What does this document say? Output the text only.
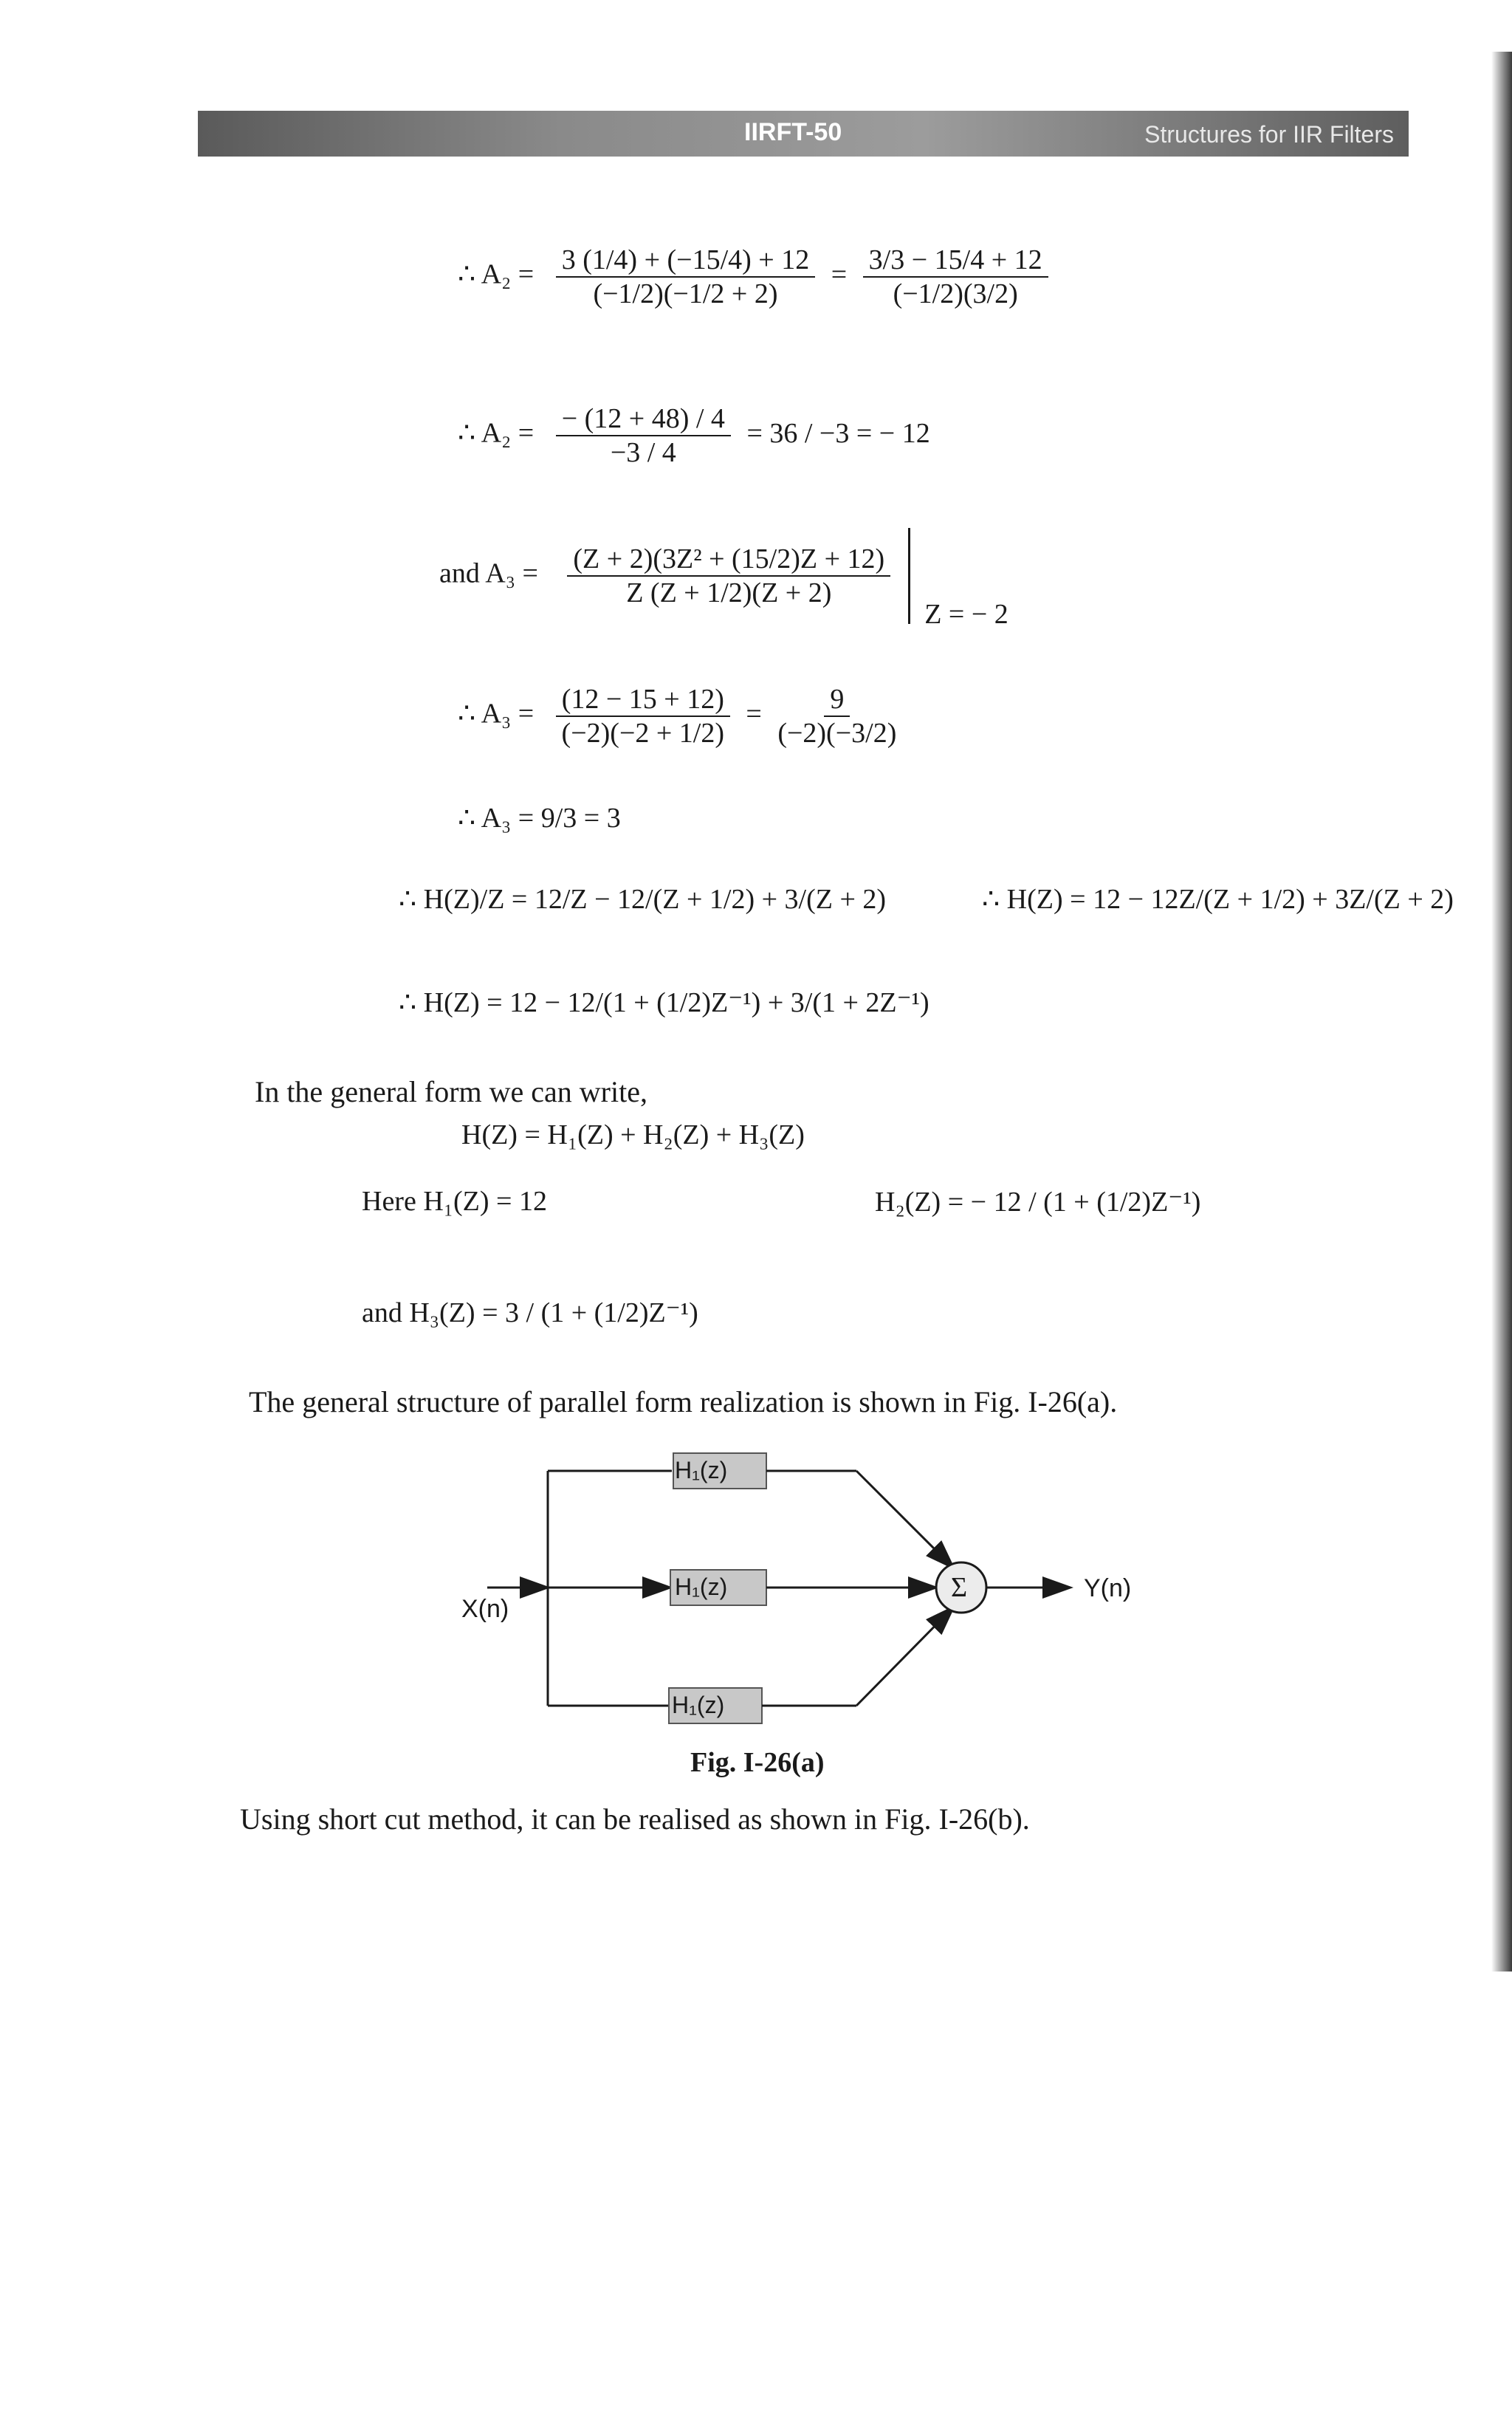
IIRFT-50	Structures for IIR Filters
∴ $A_2 = \frac{3 (1/4) + (-15/4) + 12}{(-1/2)(-1/2 + 2)} = \frac{3/3 - 15/4 + 12}{(-1/2)(3/2)}$
∴ $A_2 = \frac{- (12 + 48) / 4}{-3 / 4} = 36 / -3$ = − 12
and $A_3 = \frac{\text{(Z + 2)(3Z² + (15/2)Z + 12)}}{Z (Z + 1/2)(Z + 2)}$
Z = − 2
∴ $A_3 = \frac{(12 - 15 + 12)}{(-2)(-2 + 1/2)} = \frac{9}{(-2)(-3/2)}$
∴ A₃ = 9/3 = 3
∴ H(Z)/Z = 12/Z − 12/(Z + 1/2) + 3/(Z + 2)	∴ H(Z) = 12 − 12Z/(Z + 1/2) + 3Z/(Z + 2)
∴ H(Z) = 12 − 12/(1 + (1/2)Z⁻¹) + 3/(1 + 2Z⁻¹)
In the general form we can write,
H(Z) = H₁(Z) + H₂(Z) + H₃(Z)
Here H₁(Z) = 12	H₂(Z) = − 12 / (1 + (1/2)Z⁻¹)
and H₃(Z) = 3 / (1 + (1/2)Z⁻¹)
The general structure of parallel form realization is shown in Fig. I-26(a).
X(n)
Y(n)
H₁(z)
H₁(z)
H₁(z)
Σ
Fig. I-26(a)
Using short cut method, it can be realised as shown in Fig. I-26(b).
